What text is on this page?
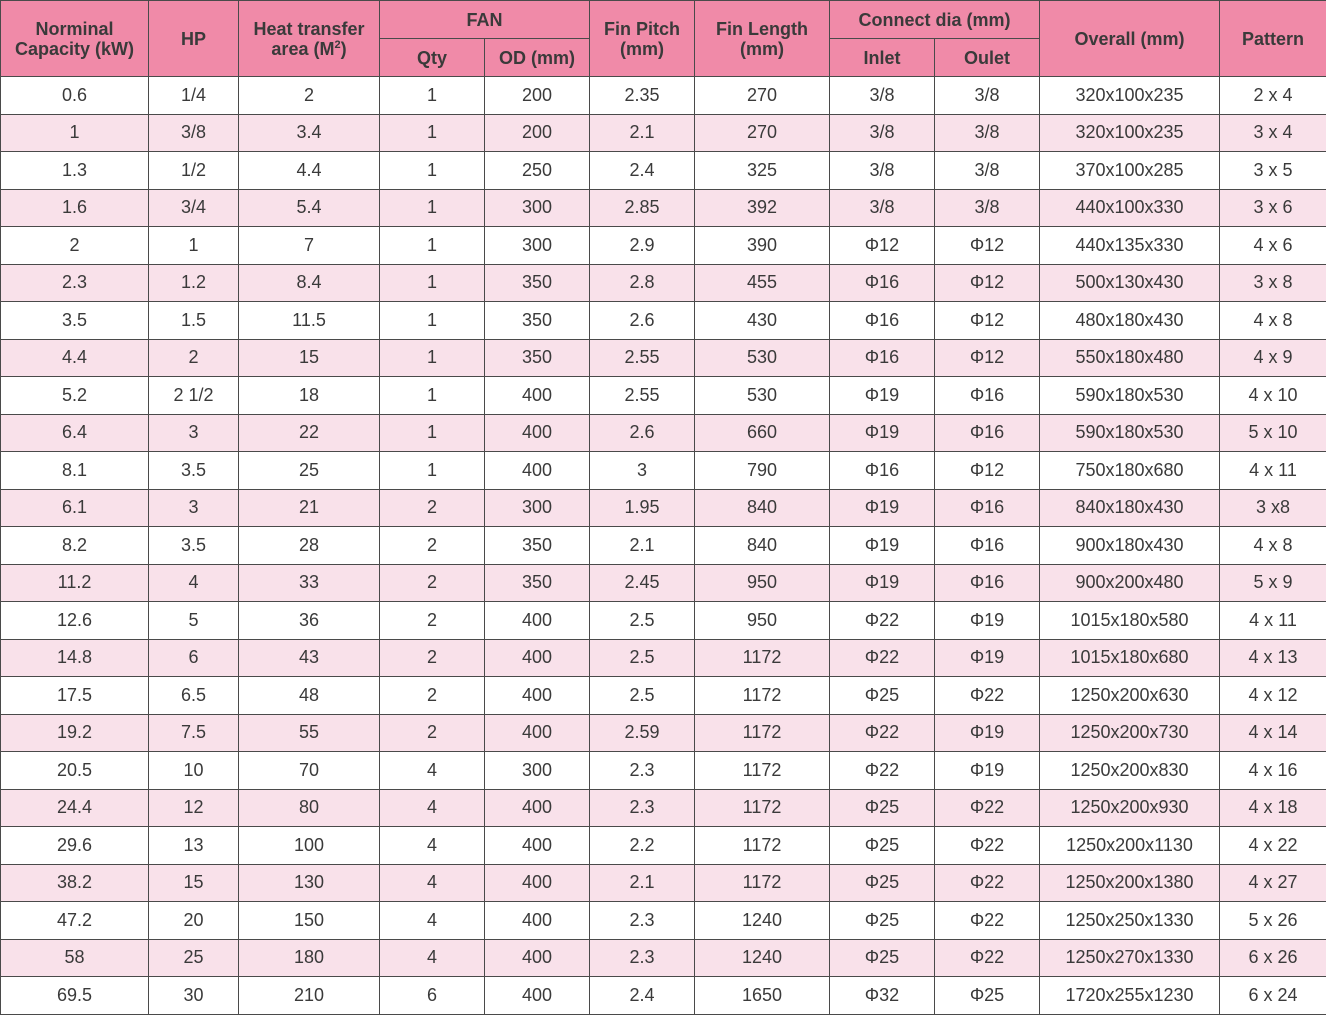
Norminal Capacity (kW)	HP	Heat transfer area $(M^2)$	FAN		Fin Pitch (mm)	Fin Length (mm)	Connect dia (mm)		Overall (mm)	Pattern
			Qty	OD (mm)			Inlet	Oulet		
0.6	1/4	2	1	200	2.35	270	3/8	3/8	320x100x235	2 x 4
1	3/8	3.4	1	200	2.1	270	3/8	3/8	320x100x235	3 x 4
1.3	1/2	4.4	1	250	2.4	325	3/8	3/8	370x100x285	3 x 5
1.6	3/4	5.4	1	300	2.85	392	3/8	3/8	440x100x330	3 x 6
2	1	7	1	300	2.9	390	Φ12	Φ12	440x135x330	4 x 6
2.3	1.2	8.4	1	350	2.8	455	Φ16	Φ12	500x130x430	3 x 8
3.5	1.5	11.5	1	350	2.6	430	Φ16	Φ12	480x180x430	4 x 8
4.4	2	15	1	350	2.55	530	Φ16	Φ12	550x180x480	4 x 9
5.2	2 1/2	18	1	400	2.55	530	Φ19	Φ16	590x180x530	4 x 10
6.4	3	22	1	400	2.6	660	Φ19	Φ16	590x180x530	5 x 10
8.1	3.5	25	1	400	3	790	Φ16	Φ12	750x180x680	4 x 11
6.1	3	21	2	300	1.95	840	Φ19	Φ16	840x180x430	3 x8
8.2	3.5	28	2	350	2.1	840	Φ19	Φ16	900x180x430	4 x 8
11.2	4	33	2	350	2.45	950	Φ19	Φ16	900x200x480	5 x 9
12.6	5	36	2	400	2.5	950	Φ22	Φ19	1015x180x580	4 x 11
14.8	6	43	2	400	2.5	1172	Φ22	Φ19	1015x180x680	4 x 13
17.5	6.5	48	2	400	2.5	1172	Φ25	Φ22	1250x200x630	4 x 12
19.2	7.5	55	2	400	2.59	1172	Φ22	Φ19	1250x200x730	4 x 14
20.5	10	70	4	300	2.3	1172	Φ22	Φ19	1250x200x830	4 x 16
24.4	12	80	4	400	2.3	1172	Φ25	Φ22	1250x200x930	4 x 18
29.6	13	100	4	400	2.2	1172	Φ25	Φ22	1250x200x1130	4 x 22
38.2	15	130	4	400	2.1	1172	Φ25	Φ22	1250x200x1380	4 x 27
47.2	20	150	4	400	2.3	1240	Φ25	Φ22	1250x250x1330	5 x 26
58	25	180	4	400	2.3	1240	Φ25	Φ22	1250x270x1330	6 x 26
69.5	30	210	6	400	2.4	1650	Φ32	Φ25	1720x255x1230	6 x 24
